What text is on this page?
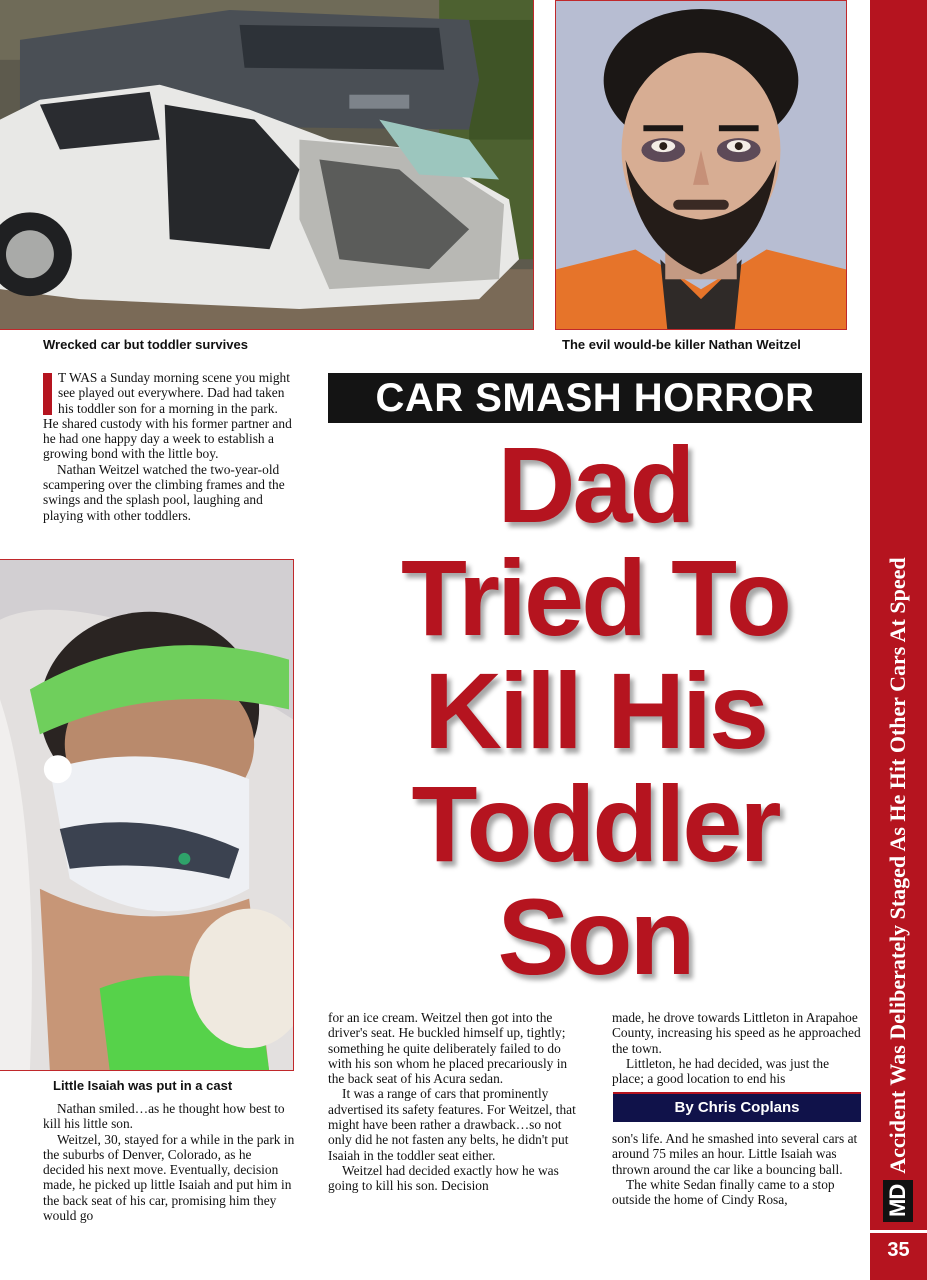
Wrecked car but toddler survives	The evil would-be killer Nathan Weitzel

T WAS a Sunday morning scene you might see played out everywhere. Dad had taken his toddler son for a morning in the park. He shared custody with his former partner and he had one happy day a week to establish a growing bond with the little boy.

Nathan Weitzel watched the two-year-old scampering over the climbing frames and the swings and the splash pool, laughing and playing with other toddlers.

Little Isaiah was put in a cast

Nathan smiled…as he thought how best to kill his little son.

Weitzel, 30, stayed for a while in the park in the suburbs of Denver, Colorado, as he decided his next move. Eventually, decision made, he picked up little Isaiah and put him in the back seat of his car, promising him they would go

CAR SMASH HORROR
Dad
Tried To
Kill His
Toddler
Son

for an ice cream. Weitzel then got into the driver's seat. He buckled himself up, tightly; something he quite deliberately failed to do with his son whom he placed precariously in the back seat of his Acura sedan.

It was a range of cars that prominently advertised its safety features. For Weitzel, that might have been rather a drawback…so not only did he not fasten any belts, he didn't put Isaiah in the toddler seat either.

Weitzel had decided exactly how he was going to kill his son. Decision

made, he drove towards Littleton in Arapahoe County, increasing his speed as he approached the town.

Littleton, he had decided, was just the place; a good location to end his

By Chris Coplans

son's life. And he smashed into several cars at around 75 miles an hour. Little Isaiah was thrown around the car like a bouncing ball.

The white Sedan finally came to a stop outside the home of Cindy Rosa,	MDAccident Was Deliberately Staged As He Hit Other Cars At Speed
35
